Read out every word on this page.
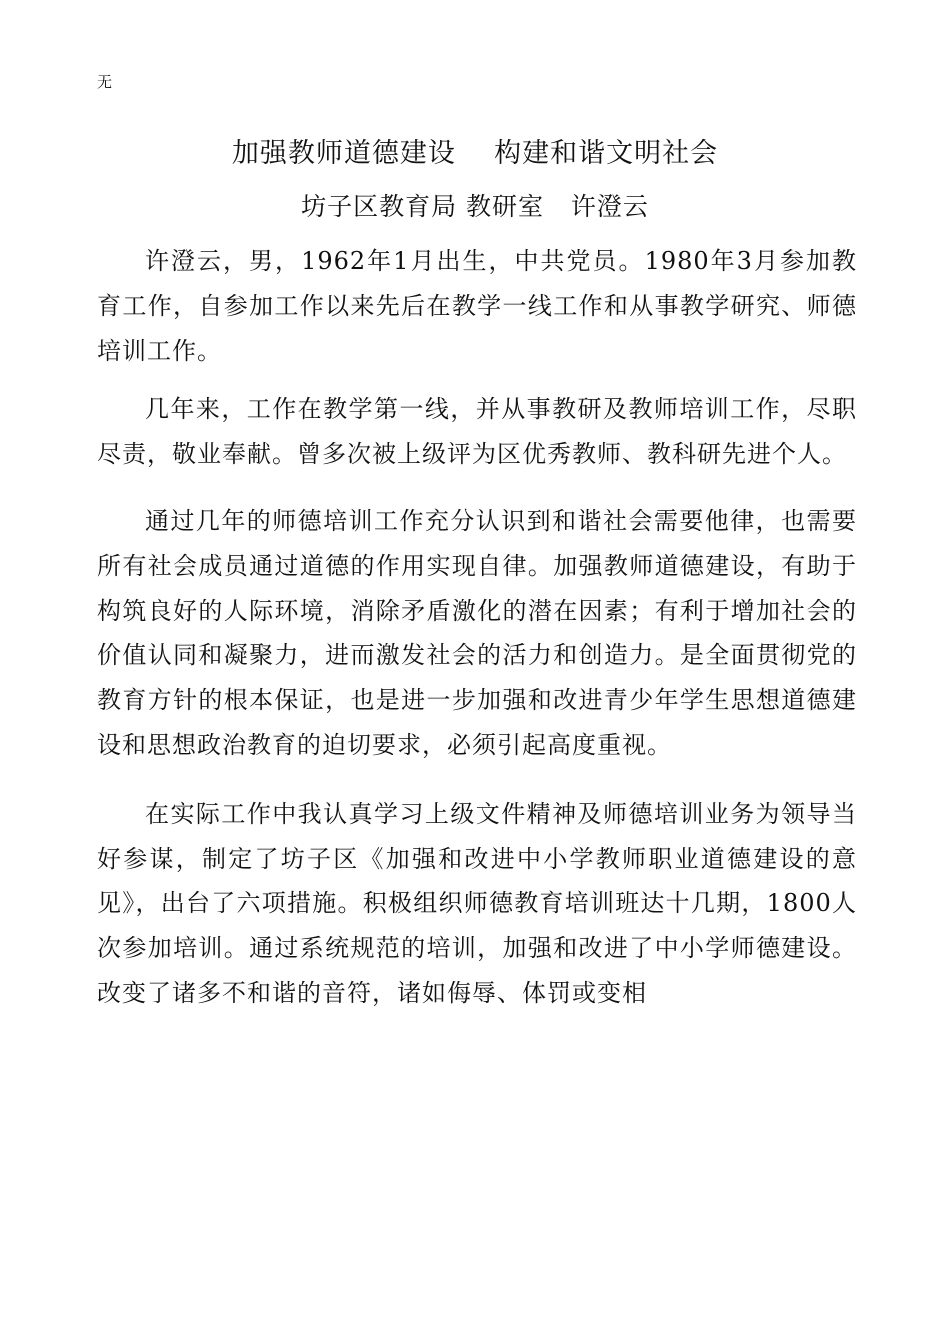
无
加强教师道德建设    构建和谐文明社会
坊子区教育局 教研室   许澄云

许澄云，男，1962年1月出生，中共党员。1980年3月参加教育工作，自参加工作以来先后在教学一线工作和从事教学研究、师德培训工作。

几年来，工作在教学第一线，并从事教研及教师培训工作，尽职尽责，敬业奉献。曾多次被上级评为区优秀教师、教科研先进个人。

通过几年的师德培训工作充分认识到和谐社会需要他律，也需要所有社会成员通过道德的作用实现自律。加强教师道德建设，有助于构筑良好的人际环境，消除矛盾激化的潜在因素；有利于增加社会的价值认同和凝聚力，进而激发社会的活力和创造力。是全面贯彻党的教育方针的根本保证，也是进一步加强和改进青少年学生思想道德建设和思想政治教育的迫切要求，必须引起高度重视。

在实际工作中我认真学习上级文件精神及师德培训业务为领导当好参谋，制定了坊子区《加强和改进中小学教师职业道德建设的意见》，出台了六项措施。积极组织师德教育培训班达十几期，1800人次参加培训。通过系统规范的培训，加强和改进了中小学师德建设。改变了诸多不和谐的音符，诸如侮辱、体罚或变相
